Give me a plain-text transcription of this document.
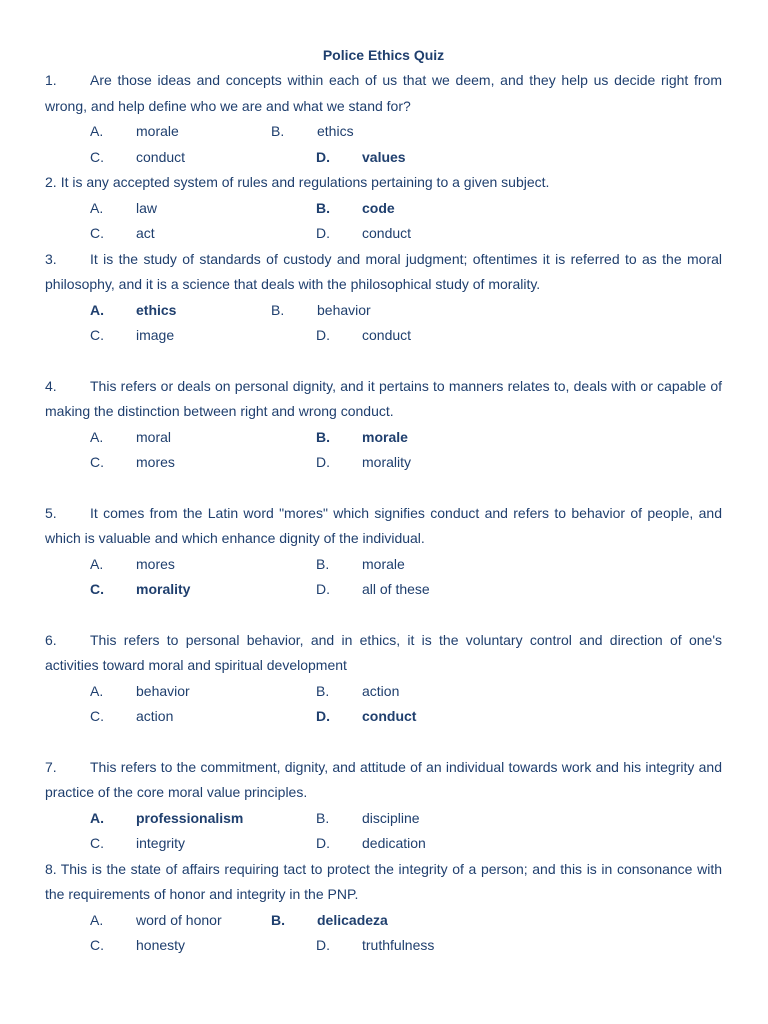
Police Ethics Quiz

1. Are those ideas and concepts within each of us that we deem, and they help us decide right from wrong, and help define who we are and what we stand for?

A. morale	B. ethics
C. conduct	D. values

2. It is any accepted system of rules and regulations pertaining to a given subject.

A. law	B. code
C. act	D. conduct

3. It is the study of standards of custody and moral judgment; oftentimes it is referred to as the moral philosophy, and it is a science that deals with the philosophical study of morality.

A. ethics	B. behavior
C. image	D. conduct

4. This refers or deals on personal dignity, and it pertains to manners relates to, deals with or capable of making the distinction between right and wrong conduct.

A. moral	B. morale
C. mores	D. morality

5. It comes from the Latin word "mores" which signifies conduct and refers to behavior of people, and which is valuable and which enhance dignity of the individual.

A. mores	B. morale
C. morality	D. all of these

6. This refers to personal behavior, and in ethics, it is the voluntary control and direction of one's activities toward moral and spiritual development

A. behavior	B. action
C. action	D. conduct

7. This refers to the commitment, dignity, and attitude of an individual towards work and his integrity and practice of the core moral value principles.

A. professionalism	B. discipline
C. integrity	D. dedication

8. This is the state of affairs requiring tact to protect the integrity of a person; and this is in consonance with the requirements of honor and integrity in the PNP.

A. word of honor	B. delicadeza
C. honesty	D. truthfulness
